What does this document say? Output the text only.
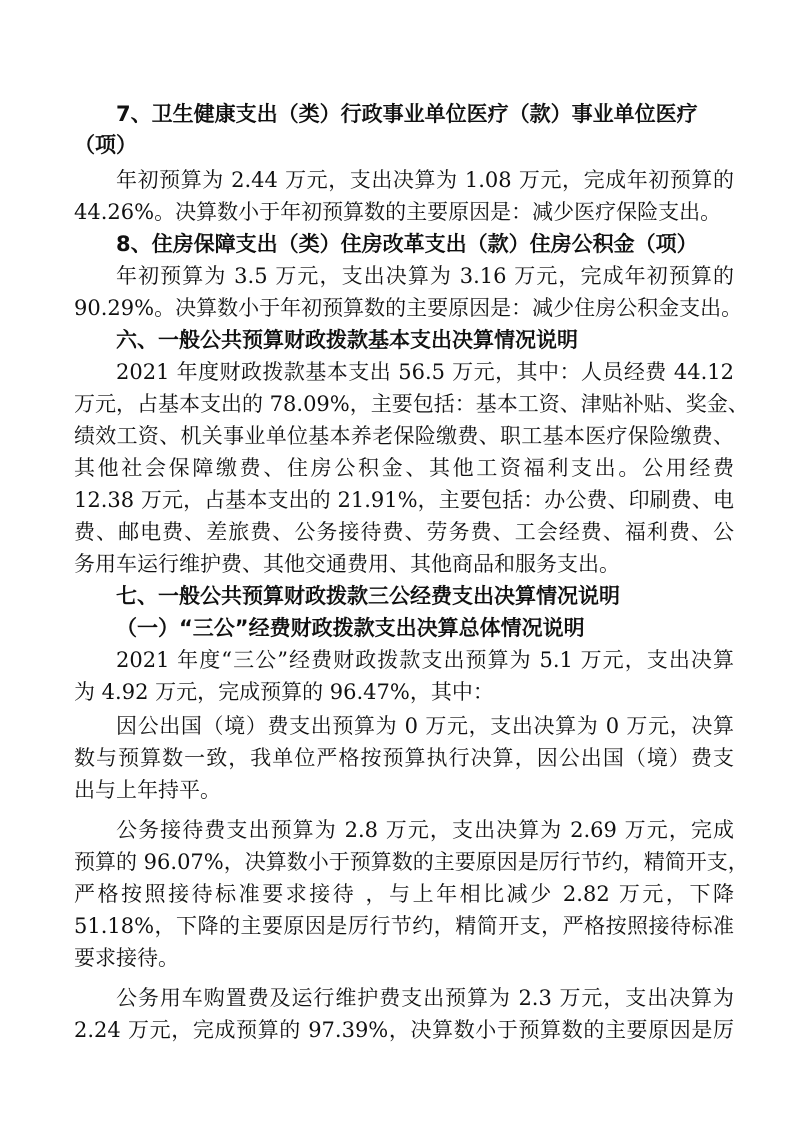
7、卫生健康支出（类）行政事业单位医疗（款）事业单位医疗
（项）
年初预算为 2.44 万元，支出决算为 1.08 万元，完成年初预算的
44.26%。决算数小于年初预算数的主要原因是：减少医疗保险支出。
8、住房保障支出（类）住房改革支出（款）住房公积金（项）
年初预算为 3.5 万元，支出决算为 3.16 万元，完成年初预算的
90.29%。决算数小于年初预算数的主要原因是：减少住房公积金支出。
六、一般公共预算财政拨款基本支出决算情况说明
2021 年度财政拨款基本支出 56.5 万元，其中：人员经费 44.12
万元，占基本支出的 78.09%，主要包括：基本工资、津贴补贴、奖金、
绩效工资、机关事业单位基本养老保险缴费、职工基本医疗保险缴费、
其他社会保障缴费、住房公积金、其他工资福利支出。公用经费
12.38 万元，占基本支出的 21.91%，主要包括：办公费、印刷费、电
费、邮电费、差旅费、公务接待费、劳务费、工会经费、福利费、公
务用车运行维护费、其他交通费用、其他商品和服务支出。
七、一般公共预算财政拨款三公经费支出决算情况说明
（一）“三公”经费财政拨款支出决算总体情况说明
2021 年度“三公”经费财政拨款支出预算为 5.1 万元，支出决算
为 4.92 万元，完成预算的 96.47%，其中：
因公出国（境）费支出预算为 0 万元，支出决算为 0 万元，决算
数与预算数一致，我单位严格按预算执行决算，因公出国（境）费支
出与上年持平。
公务接待费支出预算为 2.8 万元，支出决算为 2.69 万元，完成
预算的 96.07%，决算数小于预算数的主要原因是厉行节约，精简开支，
严格按照接待标准要求接待 ，与上年相比减少 2.82 万元，下降
51.18%，下降的主要原因是厉行节约，精简开支，严格按照接待标准
要求接待。
公务用车购置费及运行维护费支出预算为 2.3 万元，支出决算为
2.24 万元，完成预算的 97.39%，决算数小于预算数的主要原因是厉
